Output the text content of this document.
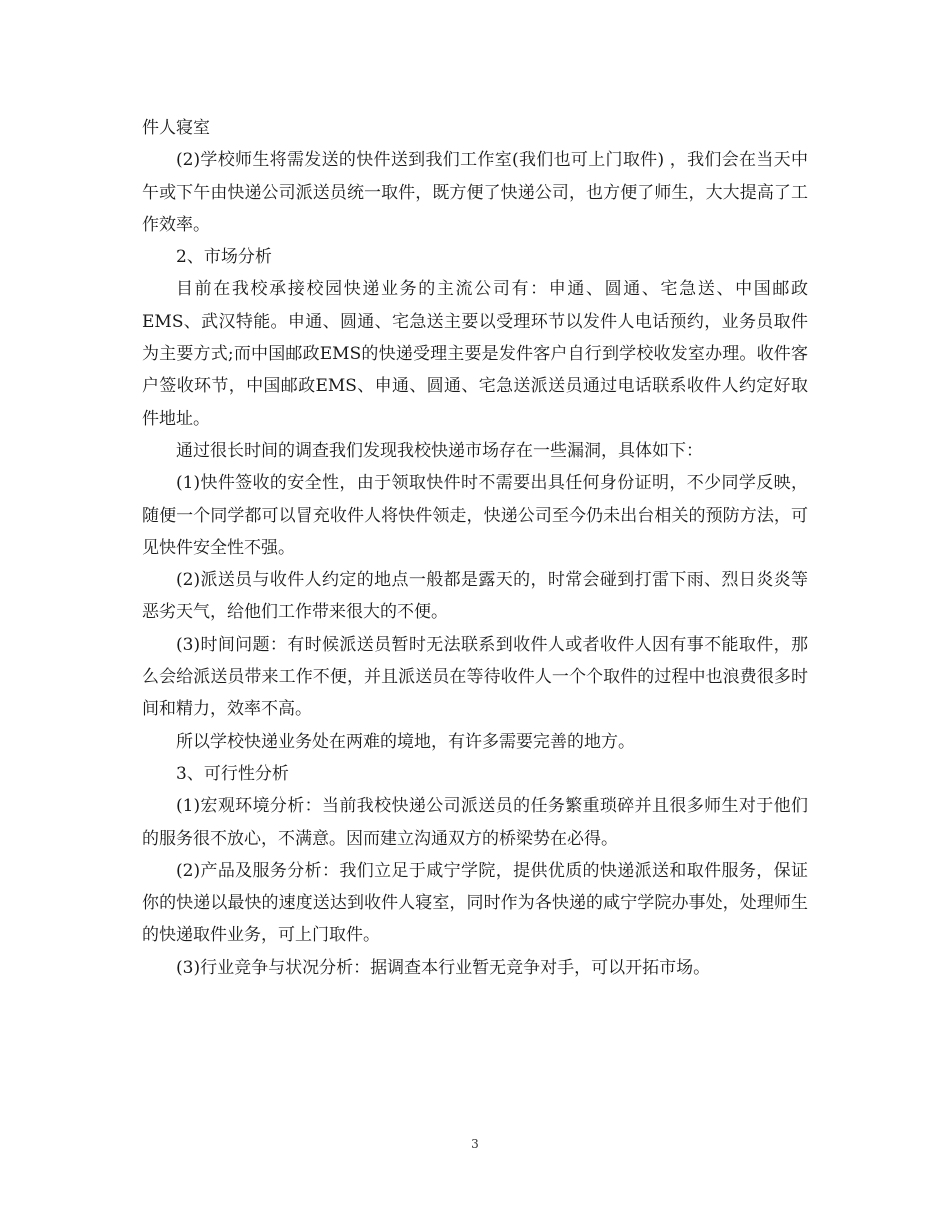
件人寝室

(2)学校师生将需发送的快件送到我们工作室(我们也可上门取件) ，我们会在当天中午或下午由快递公司派送员统一取件，既方便了快递公司，也方便了师生，大大提高了工作效率。

2、市场分析

目前在我校承接校园快递业务的主流公司有：申通、圆通、宅急送、中国邮政EMS、武汉特能。申通、圆通、宅急送主要以受理环节以发件人电话预约，业务员取件为主要方式;而中国邮政EMS的快递受理主要是发件客户自行到学校收发室办理。收件客户签收环节，中国邮政EMS、申通、圆通、宅急送派送员通过电话联系收件人约定好取件地址。

通过很长时间的调查我们发现我校快递市场存在一些漏洞，具体如下：

(1)快件签收的安全性，由于领取快件时不需要出具任何身份证明，不少同学反映，随便一个同学都可以冒充收件人将快件领走，快递公司至今仍未出台相关的预防方法，可见快件安全性不强。

(2)派送员与收件人约定的地点一般都是露天的，时常会碰到打雷下雨、烈日炎炎等恶劣天气，给他们工作带来很大的不便。

(3)时间问题：有时候派送员暂时无法联系到收件人或者收件人因有事不能取件，那么会给派送员带来工作不便，并且派送员在等待收件人一个个取件的过程中也浪费很多时间和精力，效率不高。

所以学校快递业务处在两难的境地，有许多需要完善的地方。

3、可行性分析

(1)宏观环境分析：当前我校快递公司派送员的任务繁重琐碎并且很多师生对于他们的服务很不放心，不满意。因而建立沟通双方的桥梁势在必得。

(2)产品及服务分析：我们立足于咸宁学院，提供优质的快递派送和取件服务，保证你的快递以最快的速度送达到收件人寝室，同时作为各快递的咸宁学院办事处，处理师生的快递取件业务，可上门取件。

(3)行业竞争与状况分析：据调查本行业暂无竞争对手，可以开拓市场。

3
